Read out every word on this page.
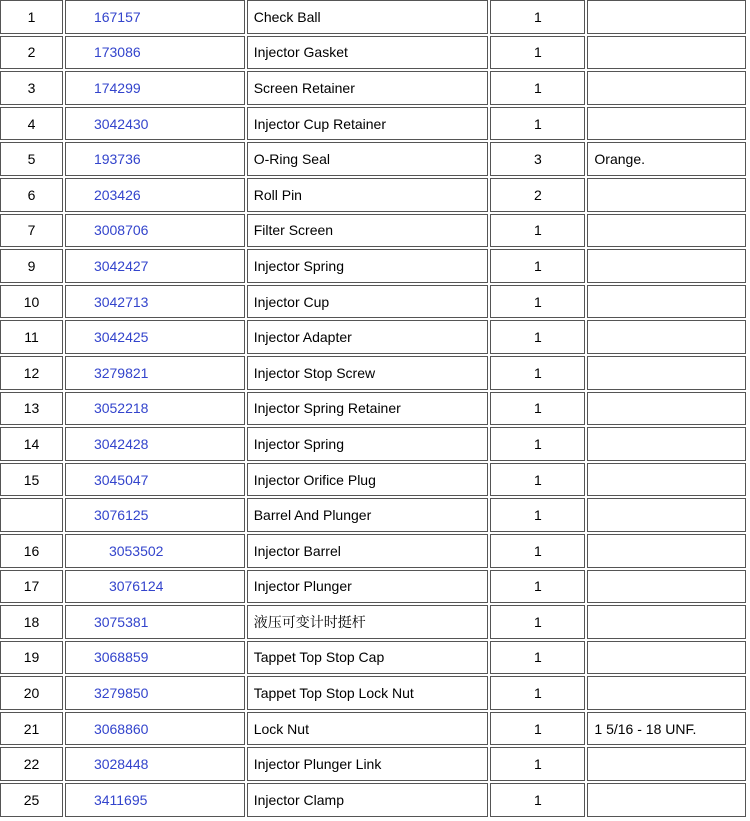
1	167157	Check Ball	1	
2	173086	Injector Gasket	1	
3	174299	Screen Retainer	1	
4	3042430	Injector Cup Retainer	1	
5	193736	O-Ring Seal	3	Orange.
6	203426	Roll Pin	2	
7	3008706	Filter Screen	1	
9	3042427	Injector Spring	1	
10	3042713	Injector Cup	1	
11	3042425	Injector Adapter	1	
12	3279821	Injector Stop Screw	1	
13	3052218	Injector Spring Retainer	1	
14	3042428	Injector Spring	1	
15	3045047	Injector Orifice Plug	1	
	3076125	Barrel And Plunger	1	
16	3053502	Injector Barrel	1	
17	3076124	Injector Plunger	1	
18	3075381	液压可变计时挺杆	1	
19	3068859	Tappet Top Stop Cap	1	
20	3279850	Tappet Top Stop Lock Nut	1	
21	3068860	Lock Nut	1	1 5/16 - 18 UNF.
22	3028448	Injector Plunger Link	1	
25	3411695	Injector Clamp	1	
